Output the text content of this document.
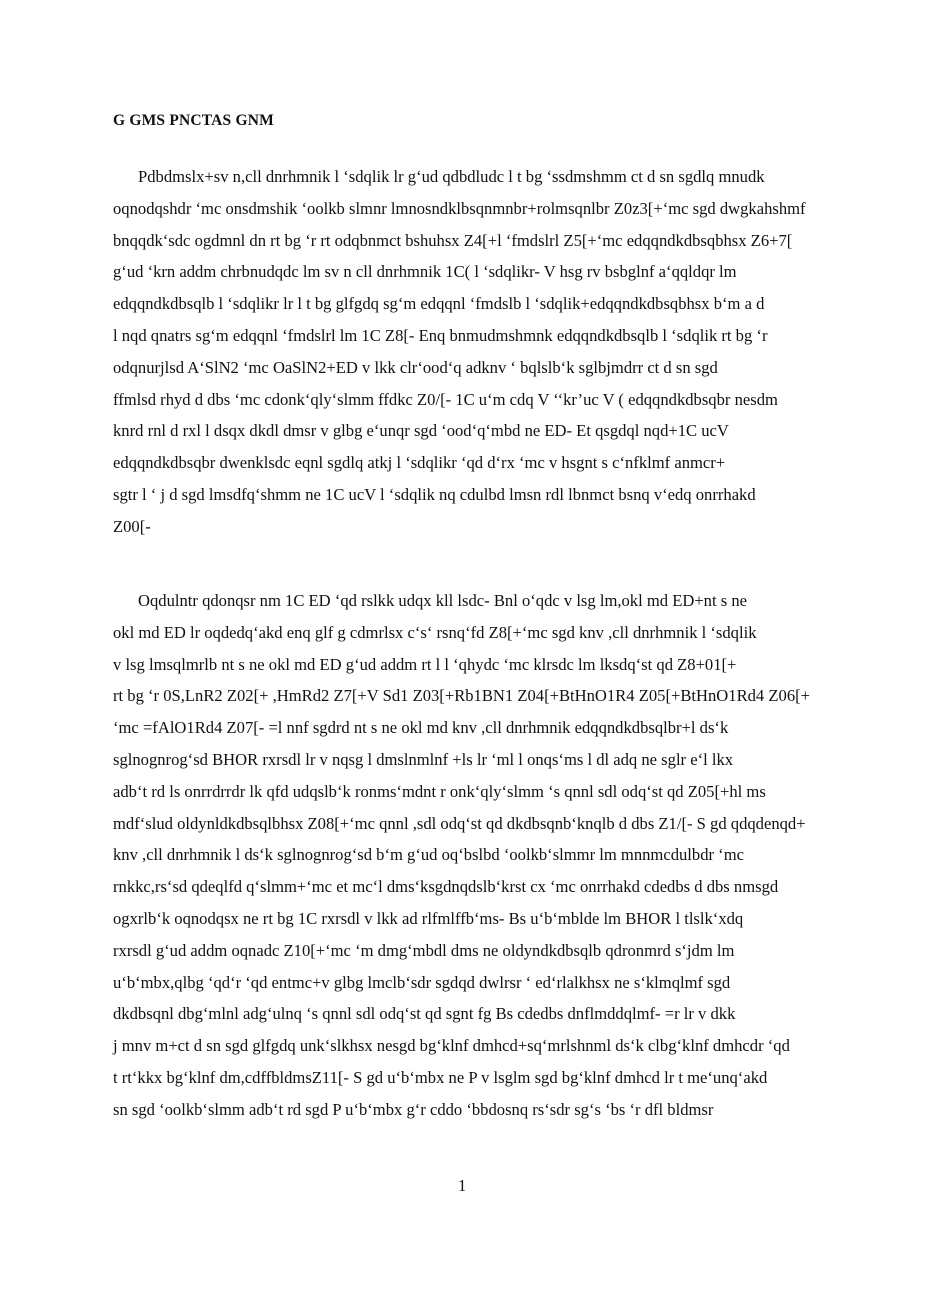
G GMS PNCTAS GNM
Pdbdmslx+sv n,cll dnrhmnik l ‘sdqlik lr g‘ud qdbdludc l t bg ‘ssdmshmm ct d sn sgdlq mnudk
oqnodqshdr ‘mc onsdmshik ‘oolkb slmnr lmnosndklbsqnmnbr+rolmsqnlbr Z0z3[+‘mc sgd dwgkahshmf
bnqqdk‘sdc ogdmnl dn rt bg ‘r rt odqbnmct bshuhsx Z4[+l ‘fmdslrl Z5[+‘mc edqqndkdbsqbhsx Z6+7[
g‘ud ‘krn addm chrbnudqdc lm sv n cll dnrhmnik 1C( l ‘sdqlikr- V hsg rv bsbglnf a‘qqldqr lm
edqqndkdbsqlb l ‘sdqlikr lr l t bg glfgdq sg‘m edqqnl ‘fmdslb l ‘sdqlik+edqqndkdbsqbhsx b‘m a d
l nqd qnatrs sg‘m edqqnl ‘fmdslrl lm 1C Z8[- Enq bnmudmshmnk edqqndkdbsqlb l ‘sdqlik rt bg ‘r
odqnurjlsd A‘SlN2 ‘mc OaSlN2+ED v lkk clr‘ood‘q adknv ‘ bqlslb‘k sglbjmdrr ct d sn sgd
ffmlsd rhyd d dbs ‘mc cdonk‘qly‘slmm ffdkc Z0/[- 1C u‘m cdq V ‘‘kr’uc V ( edqqndkdbsqbr nesdm
knrd rnl d rxl l dsqx dkdl dmsr v glbg e‘unqr sgd ‘ood‘q‘mbd ne ED- Et qsgdql nqd+1C ucV
edqqndkdbsqbr dwenklsdc eqnl sgdlq atkj l ‘sdqlikr ‘qd d‘rx ‘mc v hsgnt s c‘nfklmf anmcr+
sgtr l ‘ j d sgd lmsdfq‘shmm ne 1C ucV l ‘sdqlik nq cdulbd lmsn rdl lbnmct bsnq v‘edq onrrhakd
Z00[-
Oqdulntr qdonqsr nm 1C ED ‘qd rslkk udqx kll lsdc- Bnl o‘qdc v lsg lm,okl md ED+nt s ne
okl md ED lr oqdedq‘akd enq glf g cdmrlsx c‘s‘ rsnq‘fd Z8[+‘mc sgd knv ,cll dnrhmnik l ‘sdqlik
v lsg lmsqlmrlb nt s ne okl md ED g‘ud addm rt l l ‘qhydc ‘mc klrsdc lm lksdq‘st qd Z8+01[+
rt bg ‘r 0S,LnR2 Z02[+ ,HmRd2 Z7[+V Sd1 Z03[+Rb1BN1 Z04[+BtHnO1R4 Z05[+BtHnO1Rd4 Z06[+
‘mc =fAlO1Rd4 Z07[- =l nnf sgdrd nt s ne okl md knv ,cll dnrhmnik edqqndkdbsqlbr+l ds‘k
sglnognrog‘sd BHOR rxrsdl lr v nqsg l dmslnmlnf +ls lr ‘ml l onqs‘ms l dl adq ne sglr e‘l lkx
adb‘t rd ls onrrdrrdr lk qfd udqslb‘k ronms‘mdnt r onk‘qly‘slmm ‘s qnnl sdl odq‘st qd Z05[+hl ms
mdf‘slud oldynldkdbsqlbhsx Z08[+‘mc qnnl ,sdl odq‘st qd dkdbsqnb‘knqlb d dbs Z1/[- S gd qdqdenqd+
knv ,cll dnrhmnik l ds‘k sglnognrog‘sd b‘m g‘ud oq‘bslbd ‘oolkb‘slmmr lm mnnmcdulbdr ‘mc
rnkkc,rs‘sd qdeqlfd q‘slmm+‘mc et mc‘l dms‘ksgdnqdslb‘krst cx ‘mc onrrhakd cdedbs d dbs nmsgd
ogxrlb‘k oqnodqsx ne rt bg 1C rxrsdl v lkk ad rlfmlffb‘ms- Bs u‘b‘mblde lm BHOR l tlslk‘xdq
rxrsdl g‘ud addm oqnadc Z10[+‘mc ‘m dmg‘mbdl dms ne oldyndkdbsqlb qdronmrd s‘jdm lm
u‘b‘mbx,qlbg ‘qd‘r ‘qd entmc+v glbg lmclb‘sdr sgdqd dwlrsr ‘ ed‘rlalkhsx ne s‘klmqlmf sgd
dkdbsqnl dbg‘mlnl adg‘ulnq ‘s qnnl sdl odq‘st qd sgnt fg Bs cdedbs dnflmddqlmf- =r lr v dkk
j mnv m+ct d sn sgd glfgdq unk‘slkhsx nesgd bg‘klnf dmhcd+sq‘mrlshnml ds‘k clbg‘klnf dmhcdr ‘qd
t rt‘kkx bg‘klnf dm,cdffbldmsZ11[- S gd u‘b‘mbx ne P v lsglm sgd bg‘klnf dmhcd lr t me‘unq‘akd
sn sgd ‘oolkb‘slmm adb‘t rd sgd P u‘b‘mbx g‘r cddo ‘bbdosnq rs‘sdr sg‘s ‘bs ‘r dfl bldmsr
1
